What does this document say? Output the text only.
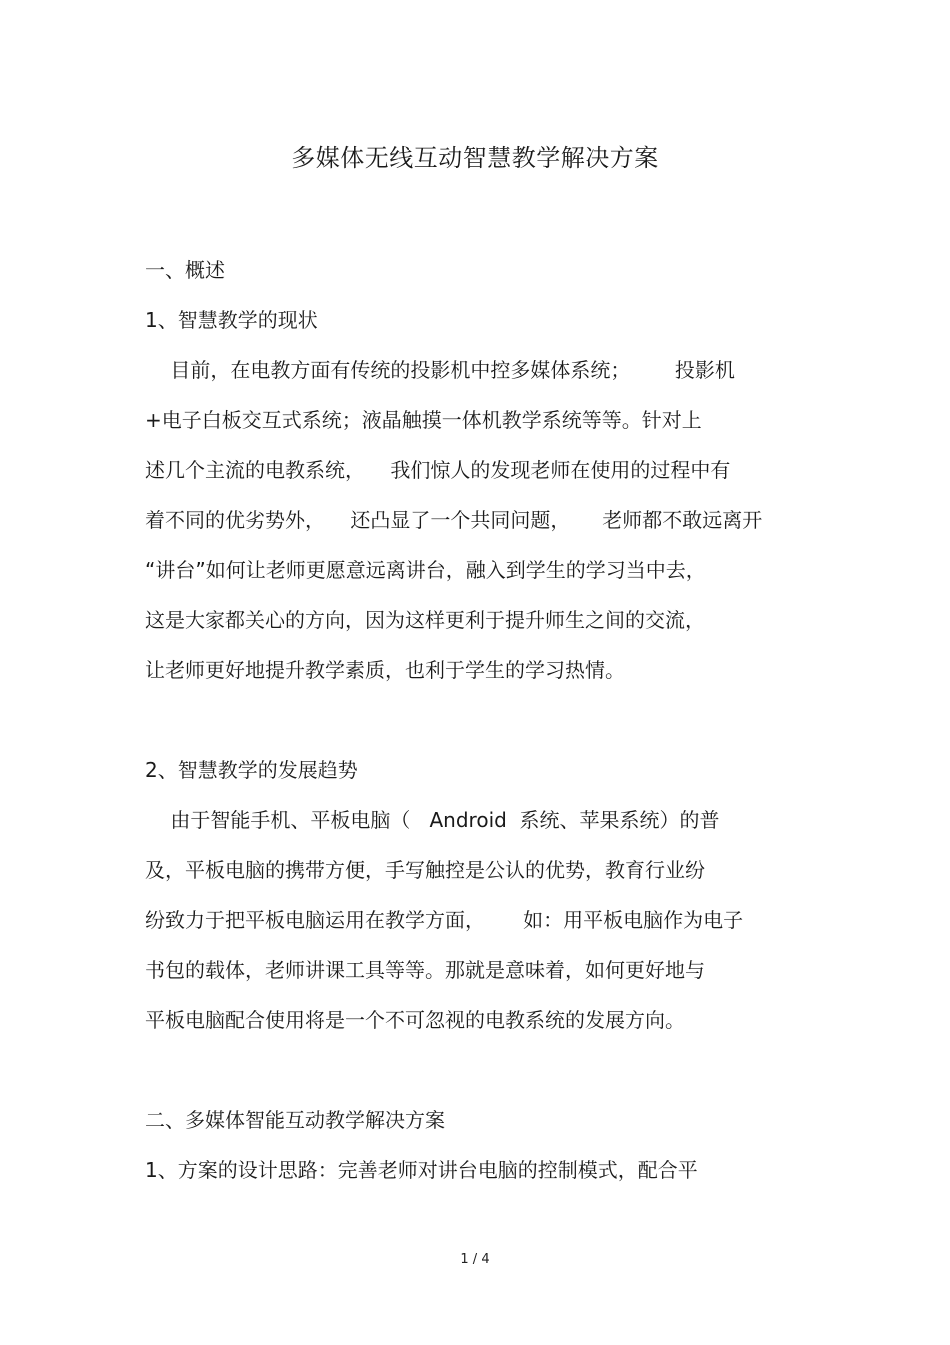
多媒体无线互动智慧教学解决方案
一、概述
1、智慧教学的现状
目前，在电教方面有传统的投影机中控多媒体系统；       投影机
+电子白板交互式系统；液晶触摸一体机教学系统等等。针对上
述几个主流的电教系统，    我们惊人的发现老师在使用的过程中有
着不同的优劣势外，    还凸显了一个共同问题，     老师都不敢远离开
“讲台”如何让老师更愿意远离讲台，融入到学生的学习当中去，
这是大家都关心的方向，因为这样更利于提升师生之间的交流，
让老师更好地提升教学素质，也利于学生的学习热情。
2、智慧教学的发展趋势
由于智能手机、平板电脑（   Android  系统、苹果系统）的普
及，平板电脑的携带方便，手写触控是公认的优势，教育行业纷
纷致力于把平板电脑运用在教学方面，      如：用平板电脑作为电子
书包的载体，老师讲课工具等等。那就是意味着，如何更好地与
平板电脑配合使用将是一个不可忽视的电教系统的发展方向。
二、多媒体智能互动教学解决方案
1、方案的设计思路：完善老师对讲台电脑的控制模式，配合平
1 / 4
